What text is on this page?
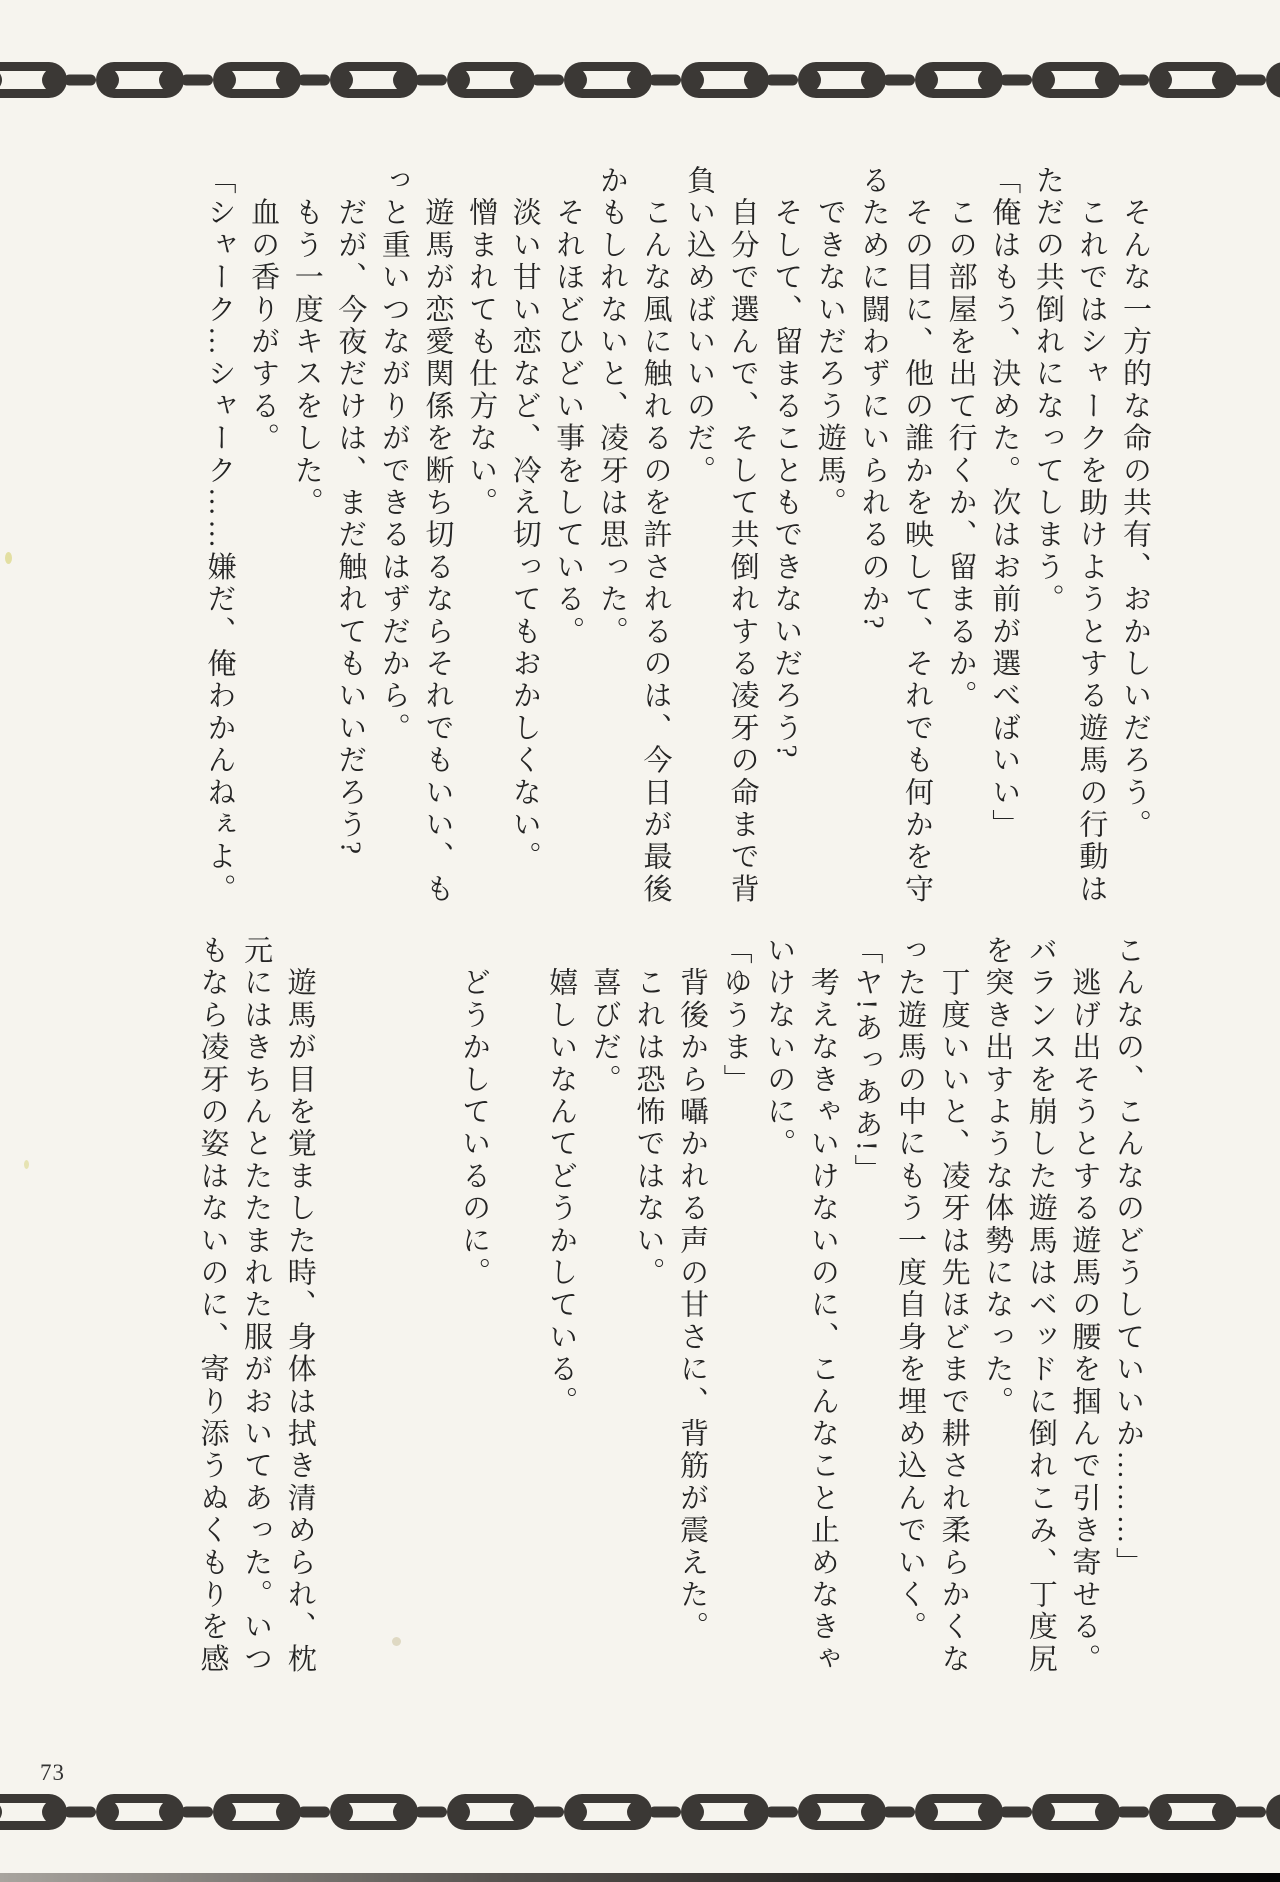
　そんな一方的な命の共有、おかしいだろう。
　これではシャークを助けようとする遊馬の行動は
ただの共倒れになってしまう。
「俺はもう、決めた。次はお前が選べばいい」
　この部屋を出て行くか、留まるか。
　その目に、他の誰かを映して、それでも何かを守
るために闘わずにいられるのか?
　できないだろう遊馬。
　そして、留まることもできないだろう?
　自分で選んで、そして共倒れする凌牙の命まで背
負い込めばいいのだ。
　こんな風に触れるのを許されるのは、今日が最後
かもしれないと、凌牙は思った。
　それほどひどい事をしている。
　淡い甘い恋など、冷え切ってもおかしくない。
　憎まれても仕方ない。
　遊馬が恋愛関係を断ち切るならそれでもいい、も
っと重いつながりができるはずだから。
　だが、今夜だけは、まだ触れてもいいだろう?
　もう一度キスをした。
　血の香りがする。
「シャーク…シャーク……嫌だ、俺わかんねぇよ。
こんなの、こんなのどうしていいか………」
　逃げ出そうとする遊馬の腰を掴んで引き寄せる。
バランスを崩した遊馬はベッドに倒れこみ、丁度尻
を突き出すような体勢になった。
　丁度いいと、凌牙は先ほどまで耕され柔らかくな
った遊馬の中にもう一度自身を埋め込んでいく。
「ヤ!あっああ!」
　考えなきゃいけないのに、こんなこと止めなきゃ
いけないのに。
「ゆうま」
　背後から囁かれる声の甘さに、背筋が震えた。
　これは恐怖ではない。
　喜びだ。
　嬉しいなんてどうかしている。
　どうかしているのに。
　遊馬が目を覚ました時、身体は拭き清められ、枕
元にはきちんとたたまれた服がおいてあった。いつ
もなら凌牙の姿はないのに、寄り添うぬくもりを感
73
